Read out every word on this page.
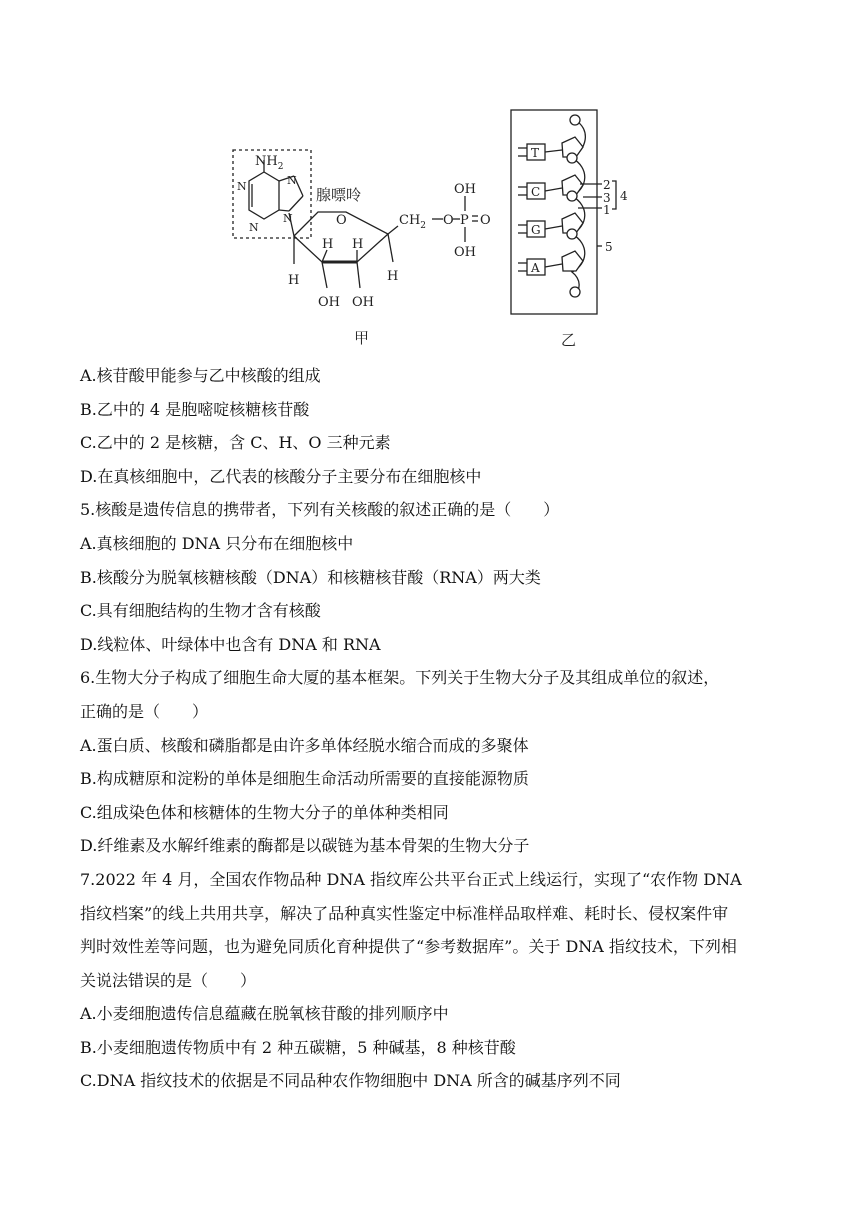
$NH_2$
N	N
N
N
腺嘌呤
O
H
H H
H
OH OH
$CH_2$ O P O
OH
OH
甲
T
C
G
A
2
3
1
4
5
乙

A.核苷酸甲能参与乙中核酸的组成

B.乙中的 4 是胞嘧啶核糖核苷酸

C.乙中的 2 是核糖，含 C、H、O 三种元素

D.在真核细胞中，乙代表的核酸分子主要分布在细胞核中

5.核酸是遗传信息的携带者，下列有关核酸的叙述正确的是（　　）

A.真核细胞的 DNA 只分布在细胞核中

B.核酸分为脱氧核糖核酸（DNA）和核糖核苷酸（RNA）两大类

C.具有细胞结构的生物才含有核酸

D.线粒体、叶绿体中也含有 DNA 和 RNA

6.生物大分子构成了细胞生命大厦的基本框架。下列关于生物大分子及其组成单位的叙述，

正确的是（　　）

A.蛋白质、核酸和磷脂都是由许多单体经脱水缩合而成的多聚体

B.构成糖原和淀粉的单体是细胞生命活动所需要的直接能源物质

C.组成染色体和核糖体的生物大分子的单体种类相同

D.纤维素及水解纤维素的酶都是以碳链为基本骨架的生物大分子

7.2022 年 4 月，全国农作物品种 DNA 指纹库公共平台正式上线运行，实现了“农作物 DNA

指纹档案”的线上共用共享，解决了品种真实性鉴定中标准样品取样难、耗时长、侵权案件审

判时效性差等问题，也为避免同质化育种提供了“参考数据库”。关于 DNA 指纹技术，下列相

关说法错误的是（　　）

A.小麦细胞遗传信息蕴藏在脱氧核苷酸的排列顺序中

B.小麦细胞遗传物质中有 2 种五碳糖，5 种碱基，8 种核苷酸

C.DNA 指纹技术的依据是不同品种农作物细胞中 DNA 所含的碱基序列不同
